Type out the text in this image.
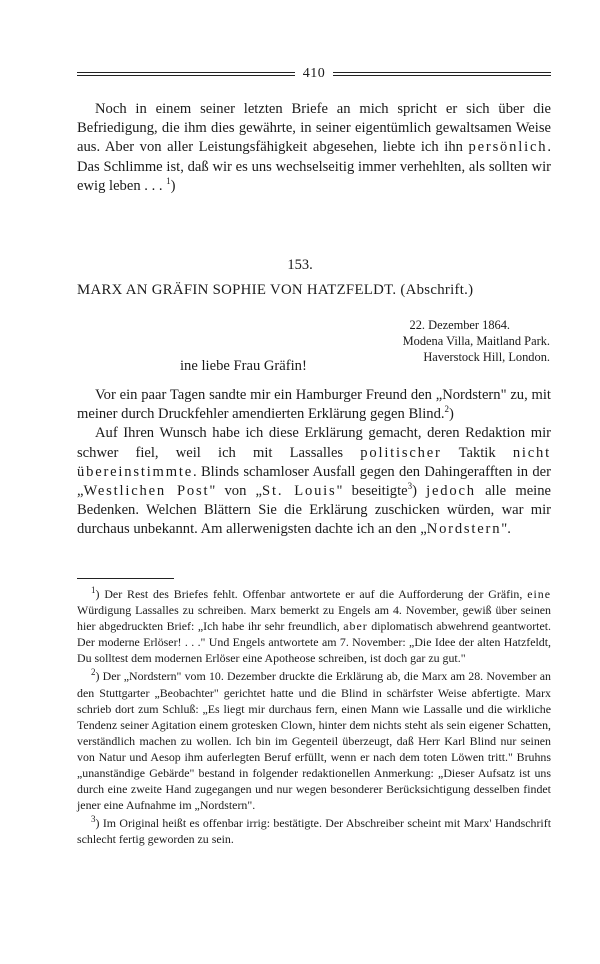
410

Noch in einem seiner letzten Briefe an mich spricht er sich über die Befriedigung, die ihm dies gewährte, in seiner eigentümlich gewaltsamen Weise aus. Aber von aller Leistungsfähigkeit abgesehen, liebte ich ihn persönlich. Das Schlimme ist, daß wir es uns wechselseitig immer verhehlten, als sollten wir ewig leben . . . $^1$)

153.
MARX AN GRÄFIN SOPHIE VON HATZFELDT. (Abschrift.)
22. Dezember 1864.
Modena Villa, Maitland Park.
Haverstock Hill, London.
ine liebe Frau Gräfin!

Vor ein paar Tagen sandte mir ein Hamburger Freund den „Nordstern" zu, mit meiner durch Druckfehler amendierten Erklärung gegen Blind.$^2$)

Auf Ihren Wunsch habe ich diese Erklärung gemacht, deren Redaktion mir schwer fiel, weil ich mit Lassalles politischer Taktik nicht übereinstimmte. Blinds schamloser Ausfall gegen den Dahingerafften in der „Westlichen Post" von „St. Louis" beseitigte$^3$) jedoch alle meine Bedenken. Welchen Blättern Sie die Erklärung zuschicken würden, war mir durchaus unbekannt. Am allerwenigsten dachte ich an den „Nordstern".

$^1$) Der Rest des Briefes fehlt. Offenbar antwortete er auf die Aufforderung der Gräfin, eine Würdigung Lassalles zu schreiben. Marx bemerkt zu Engels am 4. November, gewiß über seinen hier abgedruckten Brief: „Ich habe ihr sehr freundlich, aber diplomatisch abwehrend geantwortet. Der moderne Erlöser! . . ." Und Engels antwortete am 7. November: „Die Idee der alten Hatzfeldt, Du solltest dem modernen Erlöser eine Apotheose schreiben, ist doch gar zu gut."

$^2$) Der „Nordstern" vom 10. Dezember druckte die Erklärung ab, die Marx am 28. November an den Stuttgarter „Beobachter" gerichtet hatte und die Blind in schärfster Weise abfertigte. Marx schrieb dort zum Schluß: „Es liegt mir durchaus fern, einen Mann wie Lassalle und die wirkliche Tendenz seiner Agitation einem grotesken Clown, hinter dem nichts steht als sein eigener Schatten, verständlich machen zu wollen. Ich bin im Gegenteil überzeugt, daß Herr Karl Blind nur seinen von Natur und Aesop ihm auferlegten Beruf erfüllt, wenn er nach dem toten Löwen tritt." Bruhns „unanständige Gebärde" bestand in folgender redaktionellen Anmerkung: „Dieser Aufsatz ist uns durch eine zweite Hand zugegangen und nur wegen besonderer Berücksichtigung desselben findet jener eine Aufnahme im „Nordstern".

$^3$) Im Original heißt es offenbar irrig: bestätigte. Der Abschreiber scheint mit Marx' Handschrift schlecht fertig geworden zu sein.
